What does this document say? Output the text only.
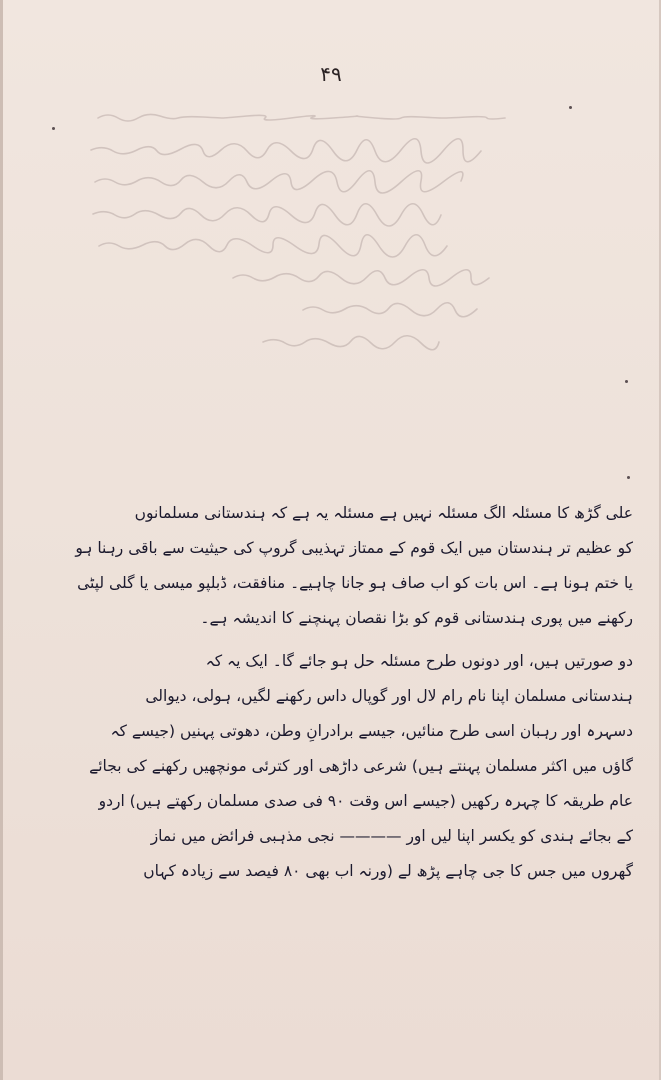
۴۹
علی گڑھ کا مسئلہ الگ مسئلہ نہیں ہے مسئلہ یہ ہے کہ ہندستانی مسلمانوں
کو عظیم تر ہندستان میں ایک قوم کے ممتاز تہذیبی گروپ کی حیثیت سے باقی رہنا ہو
یا ختم ہونا ہے۔ اس بات کو اب صاف ہو جانا چاہیے۔ منافقت، ڈبلپو میسی یا گلی لپٹی
رکھنے میں پوری ہندستانی قوم کو بڑا نقصان پہنچنے کا اندیشہ ہے۔
دو صورتیں ہیں، اور دونوں طرح مسئلہ حل ہو جائے گا۔ ایک یہ کہ
ہندستانی مسلمان اپنا نام رام لال اور گوپال داس رکھنے لگیں، ہولی، دیوالی
دسہرہ اور رہبان اسی طرح منائیں، جیسے برادرانِ وطن، دھوتی پہنیں (جیسے کہ
گاؤں میں اکثر مسلمان پہنتے ہیں) شرعی داڑھی اور کترئی مونچھیں رکھنے کی بجائے
عام طریقہ کا چہرہ رکھیں (جیسے اس وقت ۹۰ فی صدی مسلمان رکھتے ہیں) اردو
کے بجائے ہندی کو یکسر اپنا لیں اور ———— نجی مذہبی فرائض میں نماز
گھروں میں جس کا جی چاہے پڑھ لے (ورنہ اب بھی ۸۰ فیصد سے زیادہ کہاں
